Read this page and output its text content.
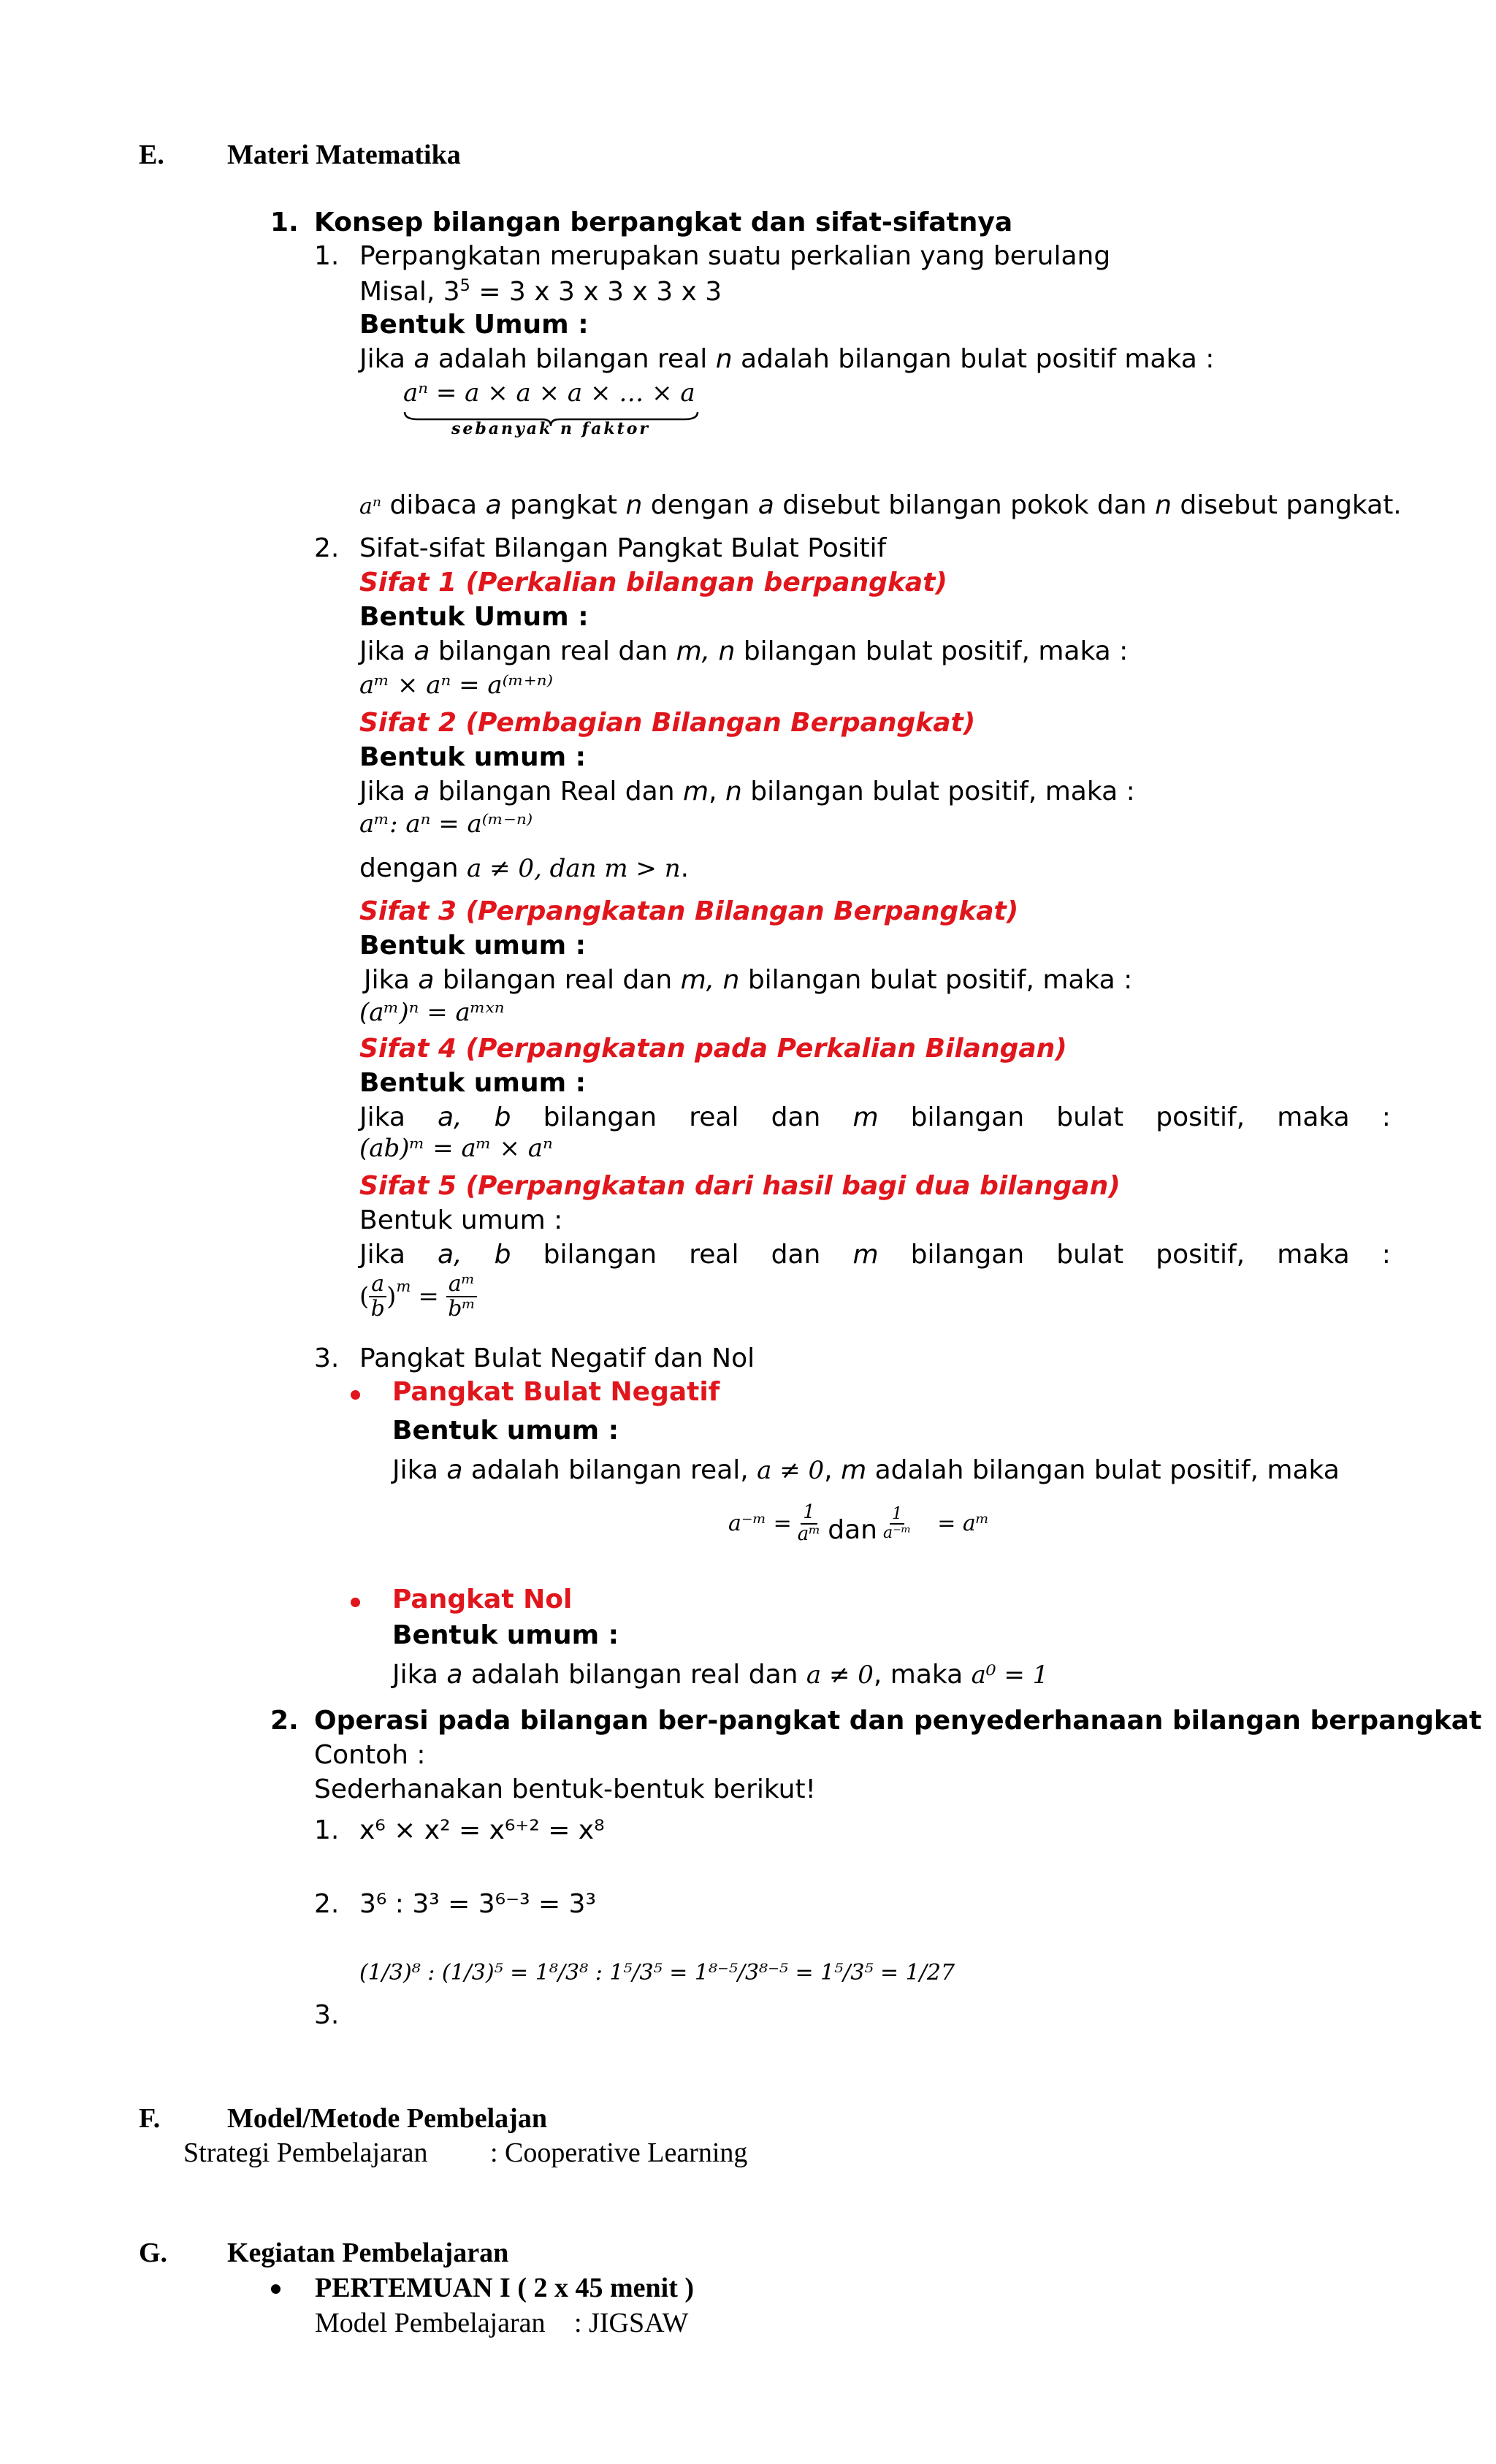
E. Materi Matematika
1. Konsep bilangan berpangkat dan sifat-sifatnya
1. Perpangkatan merupakan suatu perkalian yang berulang
Misal, $3^5 = 3$ x 3 x 3 x 3 x 3
Bentuk Umum :
Jika a adalah bilangan real n adalah bilangan bulat positif maka :
aⁿ = a × a × a × … × a
sebanyak n faktor
aⁿ dibaca a pangkat n dengan a disebut bilangan pokok dan n disebut pangkat.
2. Sifat-sifat Bilangan Pangkat Bulat Positif
Sifat 1 (Perkalian bilangan berpangkat)
Bentuk Umum :
Jika a bilangan real dan m, n bilangan bulat positif, maka :
aᵐ × aⁿ = a⁽ᵐ⁺ⁿ⁾
Sifat 2 (Pembagian Bilangan Berpangkat)
Bentuk umum :
Jika a bilangan Real dan m, n bilangan bulat positif, maka :
aᵐ: aⁿ = a⁽ᵐ⁻ⁿ⁾
dengan a ≠ 0, dan m > n.
Sifat 3 (Perpangkatan Bilangan Berpangkat)
Bentuk umum :
Jika a bilangan real dan m, n bilangan bulat positif, maka :
(aᵐ)ⁿ = aᵐˣⁿ
Sifat 4 (Perpangkatan pada Perkalian Bilangan)
Bentuk umum :
Jika a, b bilangan real dan m bilangan bulat positif, maka :
(ab)ᵐ = aᵐ × aⁿ
Sifat 5 (Perpangkatan dari hasil bagi dua bilangan)
Bentuk umum :
Jika a, b bilangan real dan m bilangan bulat positif, maka :
( $\frac{a}{b} )^m = \frac{\text{aᵐ}}{\text{bᵐ}}$
3. Pangkat Bulat Negatif dan Nol
Pangkat Bulat Negatif
Bentuk umum :
Jika a adalah bilangan real, a ≠ 0, m adalah bilangan bulat positif, maka
a⁻ᵐ = $\frac{1}{\text{aᵐ}}$ dan $\frac{1}{\text{a⁻ᵐ}}$ = aᵐ
Pangkat Nol
Bentuk umum :
Jika a adalah bilangan real dan a ≠ 0, maka a⁰ = 1
2. Operasi pada bilangan ber-pangkat dan penyederhanaan bilangan berpangkat
Contoh :
Sederhanakan bentuk-bentuk berikut!
1. x⁶ × x² = x⁶⁺² = x⁸
2. 3⁶ : 3³ = 3⁶⁻³ = 3³
3.
(1/3)⁸ : (1/3)⁵ = 1⁸/3⁸ : 1⁵/3⁵ = 1⁸⁻⁵/3⁸⁻⁵ = 1⁵/3⁵ = 1/27
F. Model/Metode Pembelajan
Strategi Pembelajaran : Cooperative Learning
G. Kegiatan Pembelajaran
PERTEMUAN I ( 2 x 45 menit )
Model Pembelajaran : JIGSAW
